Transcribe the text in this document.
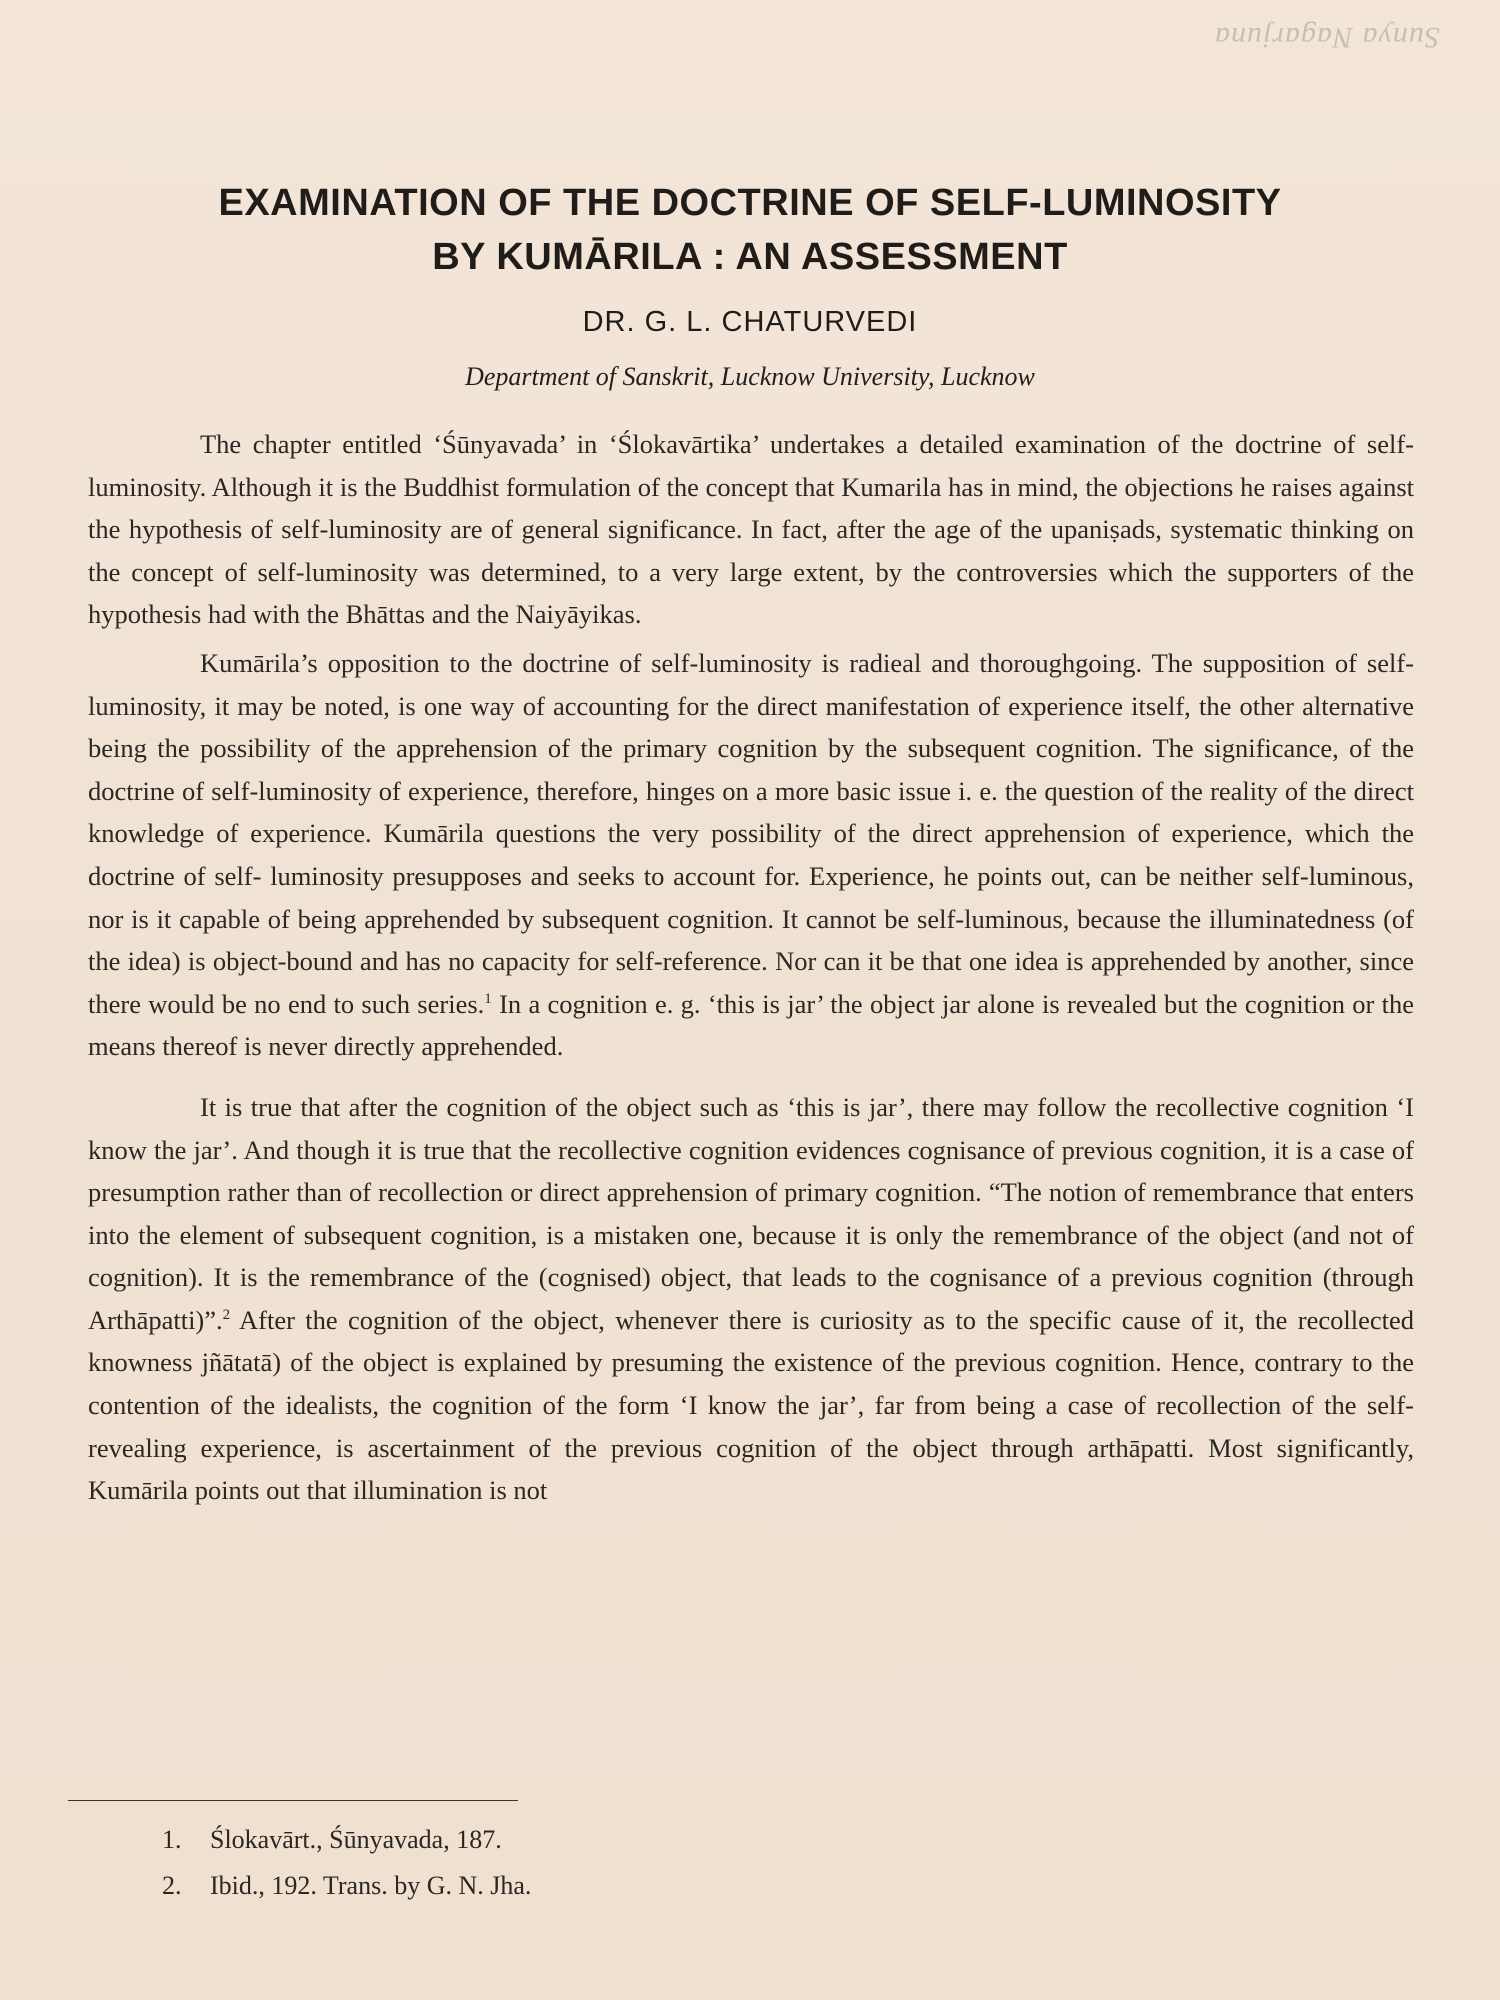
Sunya Nagarjuna
EXAMINATION OF THE DOCTRINE OF SELF-LUMINOSITY
BY KUMĀRILA : AN ASSESSMENT
DR. G. L. CHATURVEDI
Department of Sanskrit, Lucknow University, Lucknow

The chapter entitled ‘Śūnyavada’ in ‘Ślokavārtika’ undertakes a detailed examination of the doctrine of self-luminosity. Although it is the Buddhist formulation of the concept that Kumarila has in mind, the objections he raises against the hypothesis of self-luminosity are of general significance. In fact, after the age of the upaniṣads, systematic thinking on the concept of self-luminosity was determined, to a very large extent, by the controversies which the supporters of the hypothesis had with the Bhāttas and the Naiyāyikas.

Kumārila’s opposition to the doctrine of self-luminosity is radieal and thoroughgoing. The supposition of self-luminosity, it may be noted, is one way of accounting for the direct manifestation of experience itself, the other alternative being the possibility of the apprehension of the primary cognition by the subsequent cognition. The significance, of the doctrine of self-luminosity of experience, therefore, hinges on a more basic issue i. e. the question of the reality of the direct knowledge of experience. Kumārila questions the very possibility of the direct apprehension of experience, which the doctrine of self- luminosity presupposes and seeks to account for. Experience, he points out, can be neither self-luminous, nor is it capable of being apprehended by subsequent cognition. It cannot be self-luminous, because the illuminatedness (of the idea) is object-bound and has no capacity for self-reference. Nor can it be that one idea is apprehended by another, since there would be no end to such series.$^1$ In a cognition e. g. ‘this is jar’ the object jar alone is revealed but the cognition or the means thereof is never directly apprehended.

It is true that after the cognition of the object such as ‘this is jar’, there may follow the recollective cognition ‘I know the jar’. And though it is true that the recollective cognition evidences cognisance of previous cognition, it is a case of presumption rather than of recollection or direct apprehension of primary cognition. “The notion of remembrance that enters into the element of subsequent cognition, is a mistaken one, because it is only the remembrance of the object (and not of cognition). It is the remembrance of the (cognised) object, that leads to the cognisance of a previous cognition (through Arthāpatti)”.$^2$ After the cognition of the object, whenever there is curiosity as to the specific cause of it, the recollected knowness jñātatā) of the object is explained by presuming the existence of the previous cognition. Hence, contrary to the contention of the idealists, the cognition of the form ‘I know the jar’, far from being a case of recollection of the self-revealing experience, is ascertainment of the previous cognition of the object through arthāpatti. Most significantly, Kumārila points out that illumination is not

1.	Ślokavārt., Śūnyavada, 187.
2.	Ibid., 192. Trans. by G. N. Jha.
